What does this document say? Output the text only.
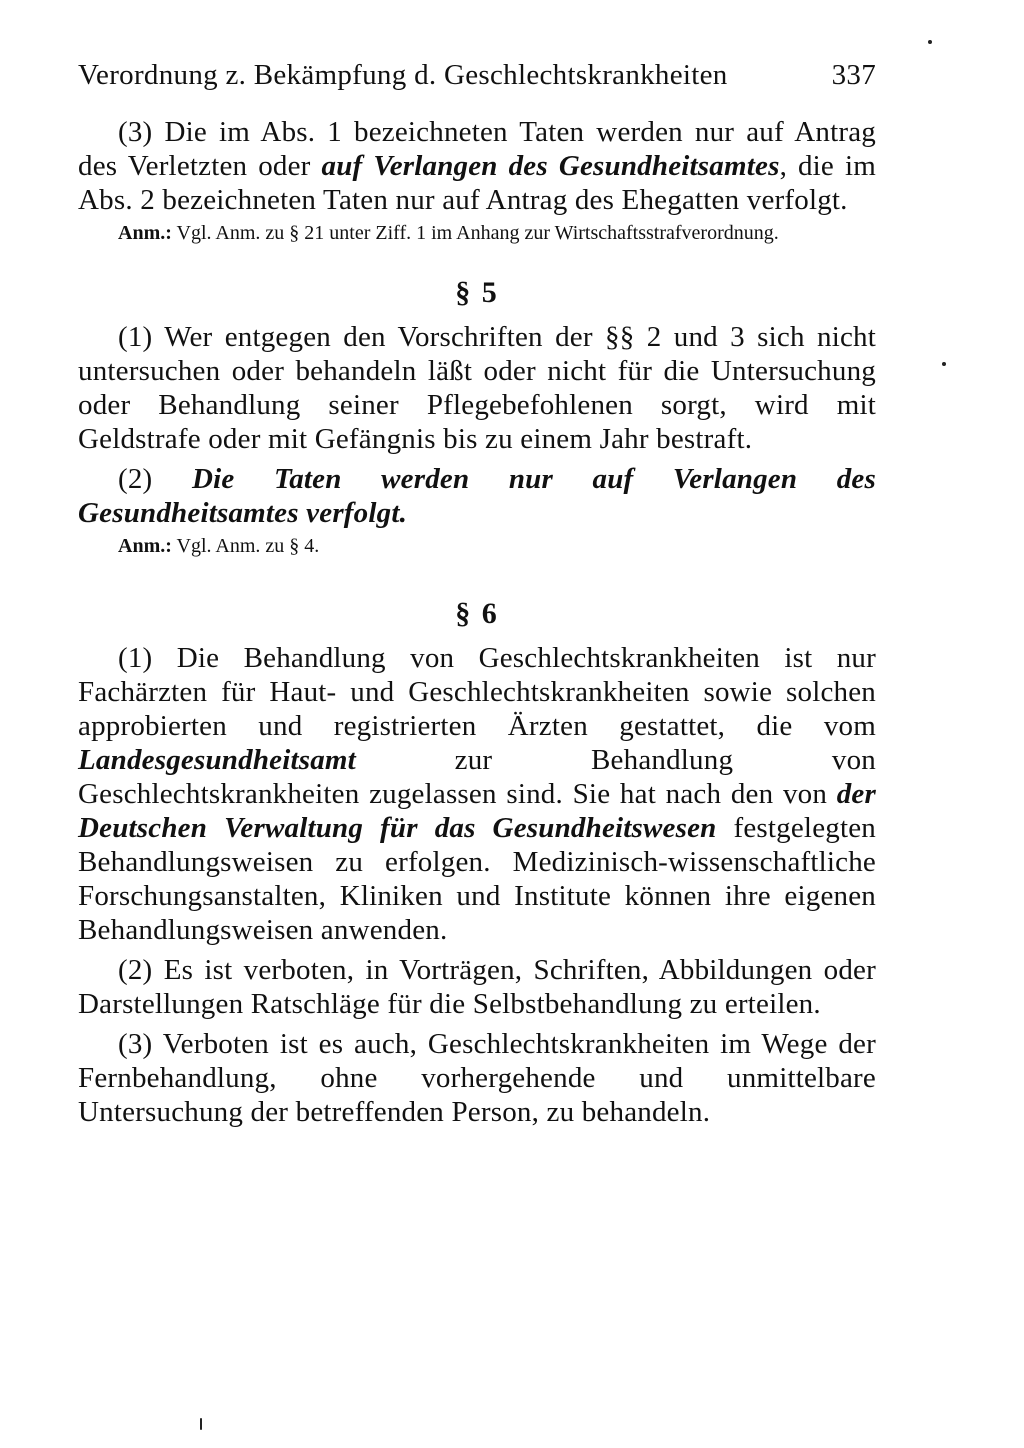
Verordnung z. Bekämpfung d. Geschlechtskrankheiten	337

(3) Die im Abs. 1 bezeichneten Taten werden nur auf Antrag des Verletzten oder auf Verlangen des Gesundheitsamtes, die im Abs. 2 bezeichneten Taten nur auf Antrag des Ehegatten verfolgt.

Anm.: Vgl. Anm. zu § 21 unter Ziff. 1 im Anhang zur Wirtschaftsstrafverordnung.

§ 5

(1) Wer entgegen den Vorschriften der §§ 2 und 3 sich nicht untersuchen oder behandeln läßt oder nicht für die Untersuchung oder Behandlung seiner Pflegebefohlenen sorgt, wird mit Geldstrafe oder mit Gefängnis bis zu einem Jahr bestraft.

(2) Die Taten werden nur auf Verlangen des Gesundheitsamtes verfolgt.

Anm.: Vgl. Anm. zu § 4.

§ 6

(1) Die Behandlung von Geschlechtskrankheiten ist nur Fachärzten für Haut- und Geschlechtskrankheiten sowie solchen approbierten und registrierten Ärzten gestattet, die vom Landesgesundheitsamt zur Behandlung von Geschlechtskrankheiten zugelassen sind. Sie hat nach den von der Deutschen Verwaltung für das Gesundheitswesen festgelegten Behandlungsweisen zu erfolgen. Medizinisch-wissenschaftliche Forschungsanstalten, Kliniken und Institute können ihre eigenen Behandlungsweisen anwenden.

(2) Es ist verboten, in Vorträgen, Schriften, Abbildungen oder Darstellungen Ratschläge für die Selbstbehandlung zu erteilen.

(3) Verboten ist es auch, Geschlechtskrankheiten im Wege der Fernbehandlung, ohne vorhergehende und unmittelbare Untersuchung der betreffenden Person, zu behandeln.
